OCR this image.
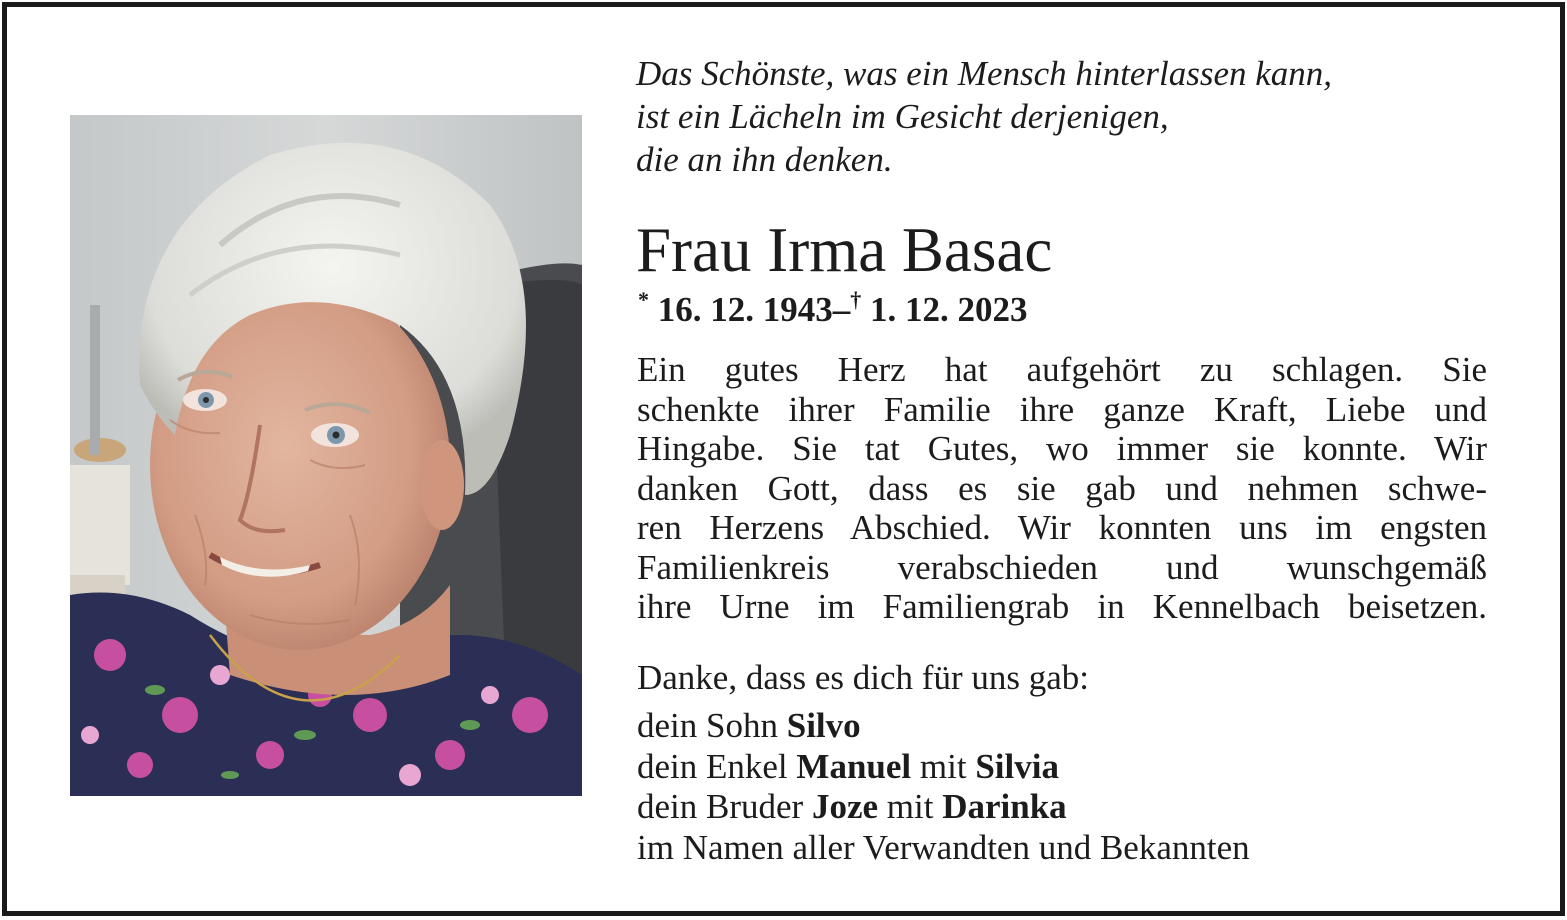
Das Schönste, was ein Mensch hinterlassen kann,
ist ein Lächeln im Gesicht derjenigen,
die an ihn denken.
Frau Irma Basac
* 16. 12. 1943–† 1. 12. 2023
Ein gutes Herz hat aufgehört zu schlagen. Sie
schenkte ihrer Familie ihre ganze Kraft, Liebe und
Hingabe. Sie tat Gutes, wo immer sie konnte. Wir
danken Gott, dass es sie gab und nehmen schwe-
ren Herzens Abschied. Wir konnten uns im engsten
Familienkreis verabschieden und wunschgemäß
ihre Urne im Familiengrab in Kennelbach beisetzen.
Danke, dass es dich für uns gab:
dein Sohn Silvo
dein Enkel Manuel mit Silvia
dein Bruder Joze mit Darinka
im Namen aller Verwandten und Bekannten
